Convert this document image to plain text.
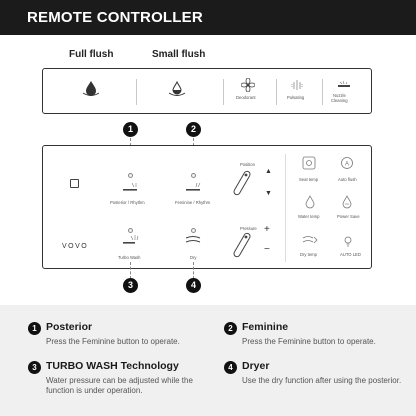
REMOTE CONTROLLER
Full flush	Small flush
Deodorant	Pulsating	Nozzle
Cleaning
1	2
VOVO
Posterior / Rhythm	Feminine / Rhythm
Turbo Wash	Dry
Position
▲
▼
Pressure +
−
Seat temp
A
Auto flush
Water temp	Power Save
Dry temp	AUTO LED
3	4
1 Posterior
Press the Feminine button to operate.
2 Feminine
Press the Feminine button to operate.
3 TURBO WASH Technology
Water pressure can be adjusted while the function is under operation.
4 Dryer
Use the dry function after using the posterior.
